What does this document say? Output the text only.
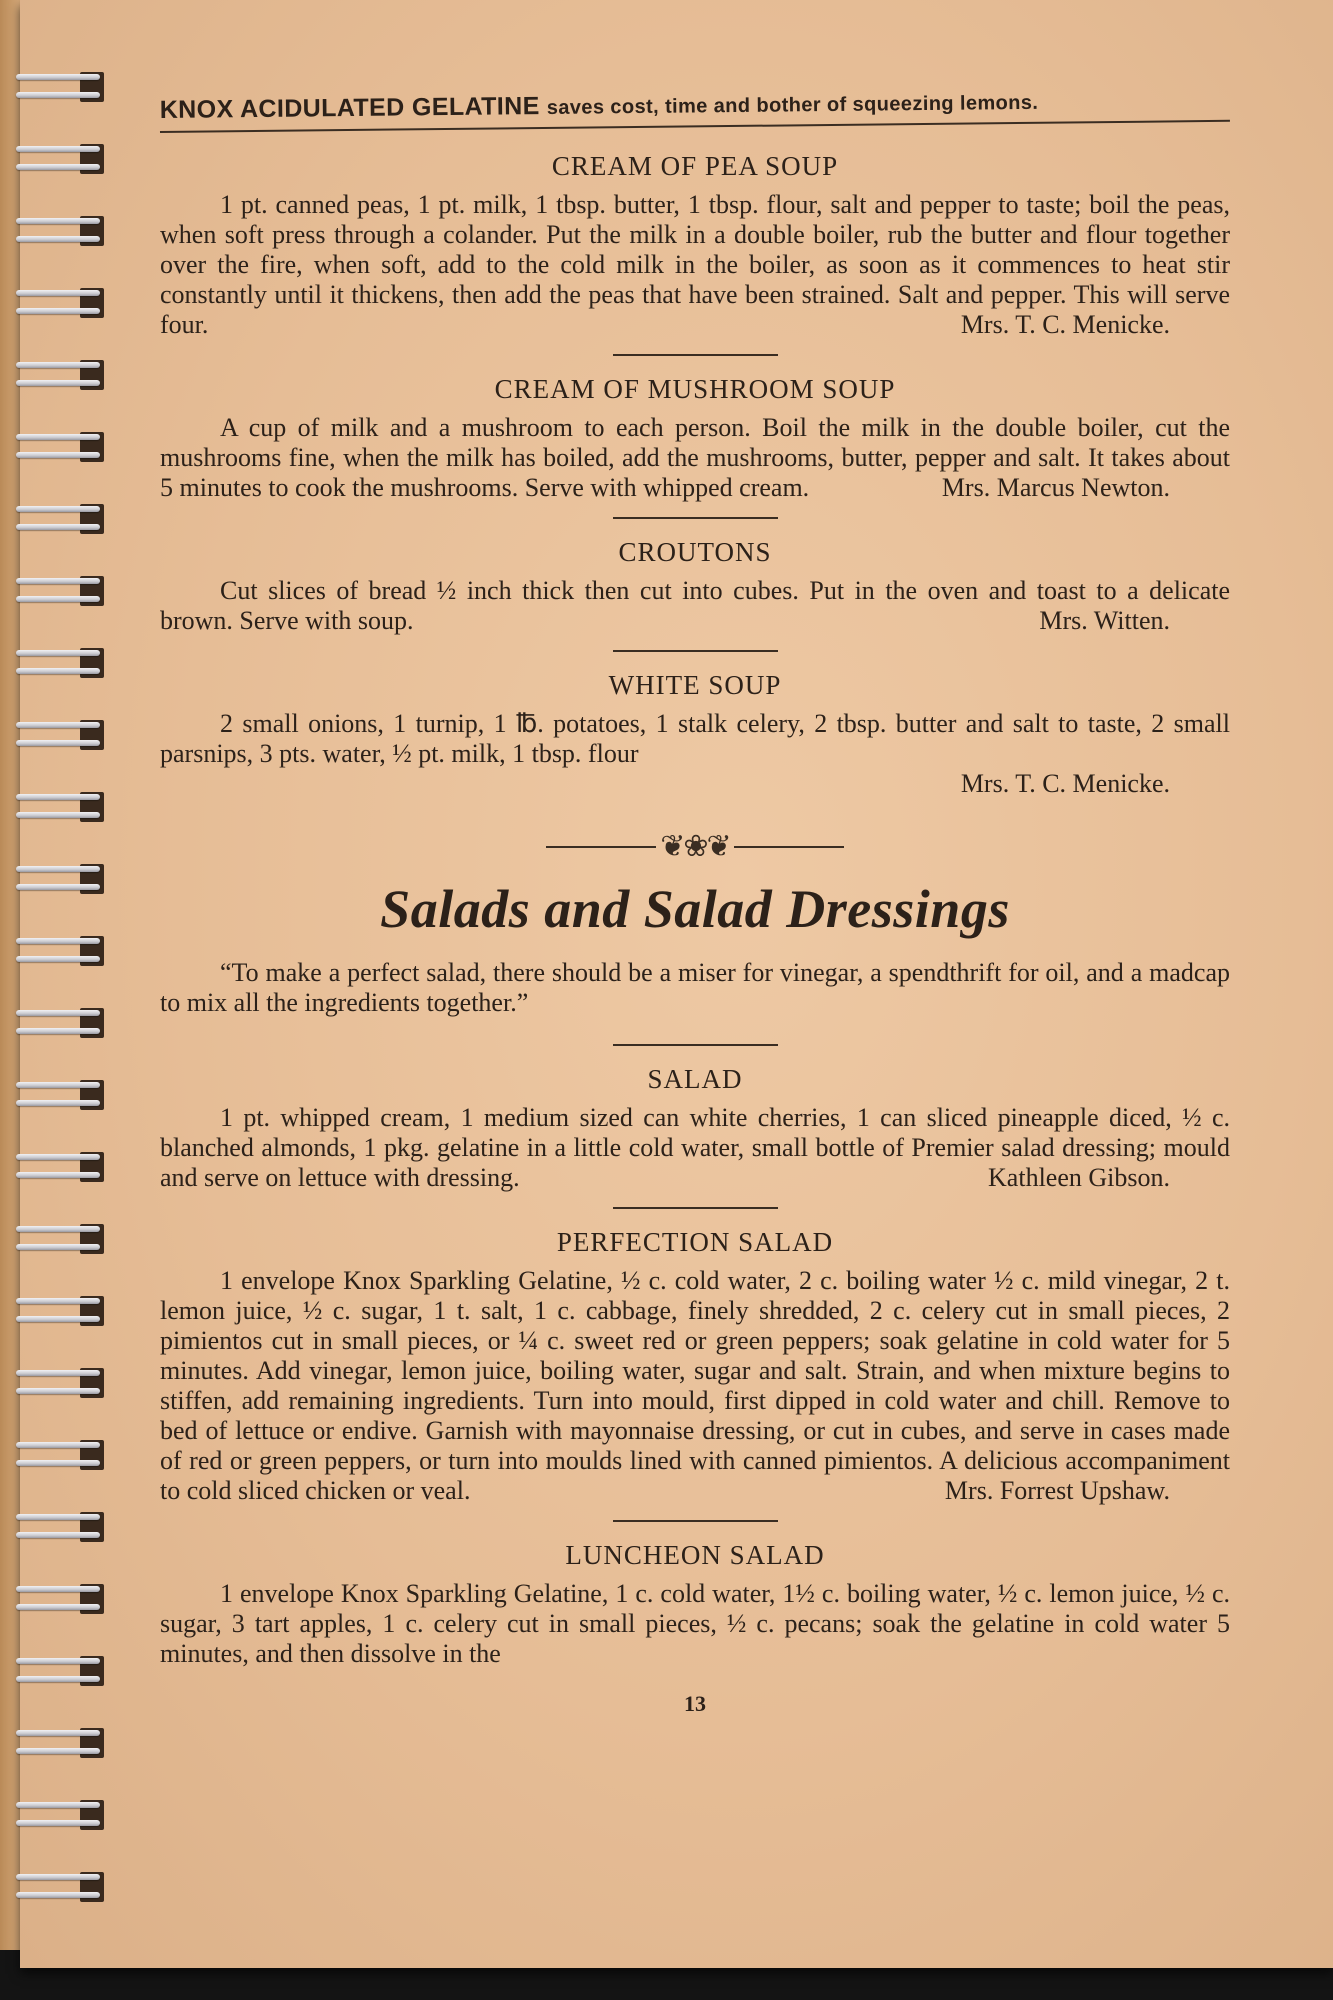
KNOX ACIDULATED GELATINE saves cost, time and bother of squeezing lemons.
CREAM OF PEA SOUP

1 pt. canned peas, 1 pt. milk, 1 tbsp. butter, 1 tbsp. flour, salt and pepper to taste; boil the peas, when soft press through a colander. Put the milk in a double boiler, rub the butter and flour together over the fire, when soft, add to the cold milk in the boiler, as soon as it commences to heat stir constantly until it thickens, then add the peas that have been strained. Salt and pepper. This will serve four.	Mrs. T. C. Menicke.
CREAM OF MUSHROOM SOUP

A cup of milk and a mushroom to each person. Boil the milk in the double boiler, cut the mushrooms fine, when the milk has boiled, add the mushrooms, butter, pepper and salt. It takes about 5 minutes to cook the mushrooms. Serve with whipped cream.	Mrs. Marcus Newton.
CROUTONS

Cut slices of bread ½ inch thick then cut into cubes. Put in the oven and toast to a delicate brown. Serve with soup.	Mrs. Witten.
WHITE SOUP

2 small onions, 1 turnip, 1 ℔. potatoes, 1 stalk celery, 2 tbsp. butter and salt to taste, 2 small parsnips, 3 pts. water, ½ pt. milk, 1 tbsp. flour

Mrs. T. C. Menicke.
❦❀❦
Salads and Salad Dressings

“To make a perfect salad, there should be a miser for vinegar, a spendthrift for oil, and a madcap to mix all the ingredients together.”

SALAD

1 pt. whipped cream, 1 medium sized can white cherries, 1 can sliced pineapple diced, ½ c. blanched almonds, 1 pkg. gelatine in a little cold water, small bottle of Premier salad dressing; mould and serve on lettuce with dressing.	Kathleen Gibson.
PERFECTION SALAD

1 envelope Knox Sparkling Gelatine, ½ c. cold water, 2 c. boiling water ½ c. mild vinegar, 2 t. lemon juice, ½ c. sugar, 1 t. salt, 1 c. cabbage, finely shredded, 2 c. celery cut in small pieces, 2 pimientos cut in small pieces, or ¼ c. sweet red or green peppers; soak gelatine in cold water for 5 minutes. Add vinegar, lemon juice, boiling water, sugar and salt. Strain, and when mixture begins to stiffen, add remaining ingredients. Turn into mould, first dipped in cold water and chill. Remove to bed of lettuce or endive. Garnish with mayonnaise dressing, or cut in cubes, and serve in cases made of red or green peppers, or turn into moulds lined with canned pimientos. A delicious accompaniment to cold sliced chicken or veal.	Mrs. Forrest Upshaw.
LUNCHEON SALAD

1 envelope Knox Sparkling Gelatine, 1 c. cold water, 1½ c. boiling water, ½ c. lemon juice, ½ c. sugar, 3 tart apples, 1 c. celery cut in small pieces, ½ c. pecans; soak the gelatine in cold water 5 minutes, and then dissolve in the

13
